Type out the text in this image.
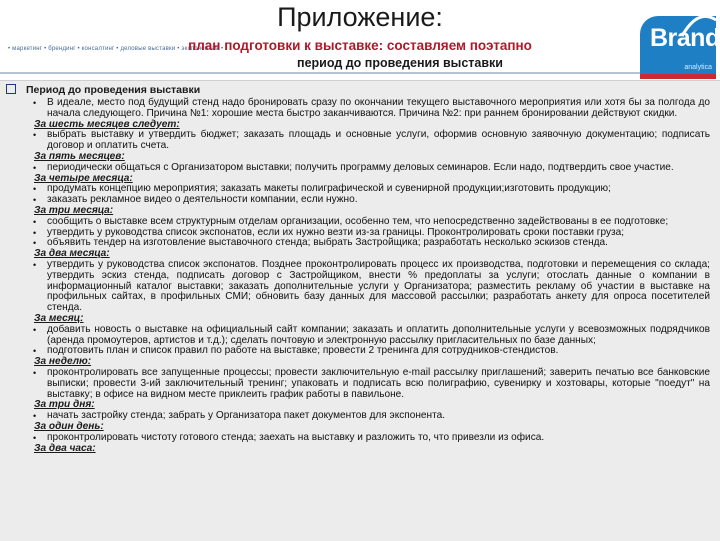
Приложение:
• маркетинг • брендинг • консалтинг • деловые выставки • экспонентам •
план подготовки к выставке: составляем поэтапно
период до проведения выставки
Brand
analytica
Период до проведения выставки

• В идеале, место под будущий стенд надо бронировать сразу по окончании текущего выставочного мероприятия или хотя бы за полгода до начала следующего. Причина №1: хорошие места быстро заканчиваются. Причина №2: при раннем бронировании действуют скидки.

За шесть месяцев следует:

• выбрать выставку и утвердить бюджет; заказать площадь и основные услуги, оформив основную заявочную документацию; подписать договор и оплатить счета.

За пять месяцев:

• периодически общаться с Организатором выставки; получить программу деловых семинаров. Если надо, подтвердить свое участие.

За четыре месяца:

• продумать концепцию мероприятия; заказать макеты полиграфической и сувенирной продукции;изготовить продукцию;

• заказать рекламное видео о деятельности компании, если нужно.

За три месяца:

• сообщить о выставке всем структурным отделам организации, особенно тем, что непосредственно задействованы в ее подготовке;

• утвердить у руководства список экспонатов, если их нужно везти из-за границы. Проконтролировать сроки поставки груза;

• объявить тендер на изготовление выставочного стенда; выбрать Застройщика; разработать несколько эскизов стенда.

За два месяца:

• утвердить у руководства список экспонатов. Позднее проконтролировать процесс их производства, подготовки и перемещения со склада; утвердить эскиз стенда, подписать договор с Застройщиком, внести % предоплаты за услуги; отослать данные о компании в информационный каталог выставки; заказать дополнительные услуги у Организатора; разместить рекламу об участии в выставке на профильных сайтах, в профильных СМИ; обновить базу данных для массовой рассылки; разработать анкету для опроса посетителей стенда.

За месяц:

• добавить новость о выставке на официальный сайт компании; заказать и оплатить дополнительные услуги у всевозможных подрядчиков (аренда промоутеров, артистов и т.д.); сделать почтовую и электронную рассылку пригласительных по базе данных;

• подготовить план и список правил по работе на выставке; провести 2 тренинга для сотрудников-стендистов.

За неделю:

• проконтролировать все запущенные процессы; провести заключительную e-mail рассылку приглашений; заверить печатью все банковские выписки; провести 3-ий заключительный тренинг; упаковать и подписать всю полиграфию, сувенирку и хозтовары, которые "поедут" на выставку; в офисе на видном месте приклеить график работы в павильоне.

За три дня:

• начать застройку стенда; забрать у Организатора пакет документов для экспонента.

За один день:

• проконтролировать чистоту готового стенда; заехать на выставку и разложить то, что привезли из офиса.

За два часа:
